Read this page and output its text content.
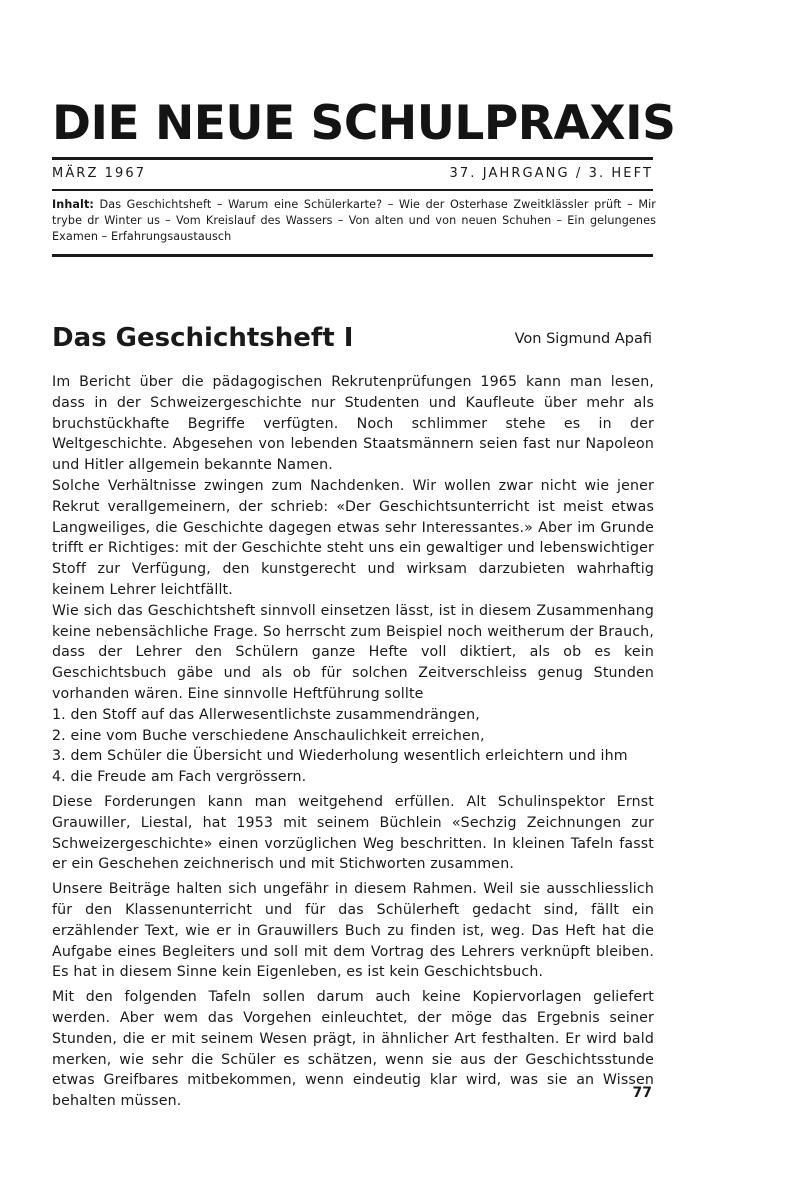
DIE NEUE SCHULPRAXIS
MÄRZ 1967	37. JAHRGANG / 3. HEFT
Inhalt: Das Geschichtsheft – Warum eine Schülerkarte? – Wie der Osterhase Zweitklässler prüft – Mir trybe dr Winter us – Vom Kreislauf des Wassers – Von alten und von neuen Schuhen – Ein gelungenes Examen – Erfahrungsaustausch
Das Geschichtsheft I	Von Sigmund Apafi

Im Bericht über die pädagogischen Rekrutenprüfungen 1965 kann man lesen, dass in der Schweizergeschichte nur Studenten und Kaufleute über mehr als bruchstückhafte Begriffe verfügten. Noch schlimmer stehe es in der Weltgeschichte. Abgesehen von lebenden Staatsmännern seien fast nur Napoleon und Hitler allgemein bekannte Namen.

Solche Verhältnisse zwingen zum Nachdenken. Wir wollen zwar nicht wie jener Rekrut verallgemeinern, der schrieb: «Der Geschichtsunterricht ist meist etwas Langweiliges, die Geschichte dagegen etwas sehr Interessantes.» Aber im Grunde trifft er Richtiges: mit der Geschichte steht uns ein gewaltiger und lebenswichtiger Stoff zur Verfügung, den kunstgerecht und wirksam darzubieten wahrhaftig keinem Lehrer leichtfällt.

Wie sich das Geschichtsheft sinnvoll einsetzen lässt, ist in diesem Zusammenhang keine nebensächliche Frage. So herrscht zum Beispiel noch weitherum der Brauch, dass der Lehrer den Schülern ganze Hefte voll diktiert, als ob es kein Geschichtsbuch gäbe und als ob für solchen Zeitverschleiss genug Stunden vorhanden wären. Eine sinnvolle Heftführung sollte

1. den Stoff auf das Allerwesentlichste zusammendrängen,
2. eine vom Buche verschiedene Anschaulichkeit erreichen,
3. dem Schüler die Übersicht und Wiederholung wesentlich erleichtern und ihm
4. die Freude am Fach vergrössern.

Diese Forderungen kann man weitgehend erfüllen. Alt Schulinspektor Ernst Grauwiller, Liestal, hat 1953 mit seinem Büchlein «Sechzig Zeichnungen zur Schweizergeschichte» einen vorzüglichen Weg beschritten. In kleinen Tafeln fasst er ein Geschehen zeichnerisch und mit Stichworten zusammen.

Unsere Beiträge halten sich ungefähr in diesem Rahmen. Weil sie ausschliesslich für den Klassenunterricht und für das Schülerheft gedacht sind, fällt ein erzählender Text, wie er in Grauwillers Buch zu finden ist, weg. Das Heft hat die Aufgabe eines Begleiters und soll mit dem Vortrag des Lehrers verknüpft bleiben. Es hat in diesem Sinne kein Eigenleben, es ist kein Geschichtsbuch.

Mit den folgenden Tafeln sollen darum auch keine Kopiervorlagen geliefert werden. Aber wem das Vorgehen einleuchtet, der möge das Ergebnis seiner Stunden, die er mit seinem Wesen prägt, in ähnlicher Art festhalten. Er wird bald merken, wie sehr die Schüler es schätzen, wenn sie aus der Geschichtsstunde etwas Greifbares mitbekommen, wenn eindeutig klar wird, was sie an Wissen behalten müssen.

77
